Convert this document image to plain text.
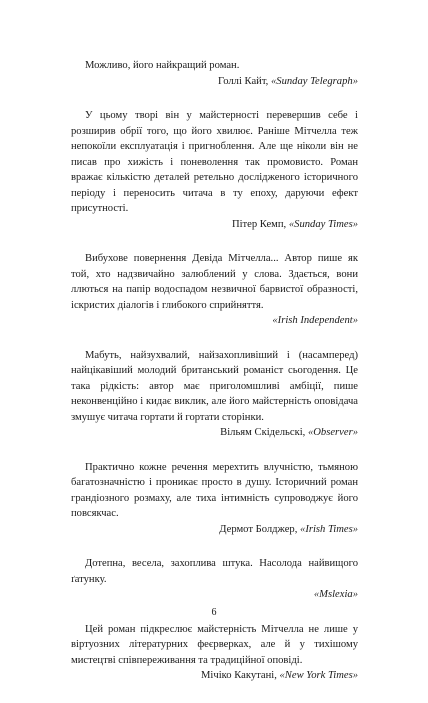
Можливо, його найкращий роман.

Голлі Кайт, «Sunday Telegraph»

У цьому творі він у майстерності перевершив себе і розширив обрії того, що його хвилює. Раніше Мітчелла теж непокоїли експлуатація і пригноблення. Але ще ніколи він не писав про хижість і поневолення так промовисто. Роман вражає кількістю деталей ретельно дослідженого історичного періоду і переносить читача в ту епоху, даруючи ефект присутності.

Пітер Кемп, «Sunday Times»

Вибухове повернення Девіда Мітчелла... Автор пише як той, хто надзвичайно залюблений у слова. Здається, вони ллються на папір водоспадом незвичної барвистої образності, іскристих діалогів і глибокого сприйняття.

«Irish Independent»

Мабуть, найзухвалий, найзахопливіший і (насамперед) найцікавіший молодий британський романіст сьогодення. Це така рідкість: автор має приголомшливі амбіції, пише неконвенційно і кидає виклик, але його майстерність оповідача змушує читача гортати й гортати сторінки.

Вільям Скідельскі, «Observer»

Практично кожне речення мерехтить влучністю, тьмяною багатозначністю і проникає просто в душу. Історичний роман грандіозного розмаху, але тиха інтимність супроводжує його повсякчас.

Дермот Болджер, «Irish Times»

Дотепна, весела, захоплива штука. Насолода найвищого ґатунку.

«Mslexia»

Цей роман підкреслює майстерність Мітчелла не лише у віртуозних літературних феєрверках, але й у тихішому мистецтві співпереживання та традиційної оповіді.

Мічіко Какутані, «New York Times»

6
